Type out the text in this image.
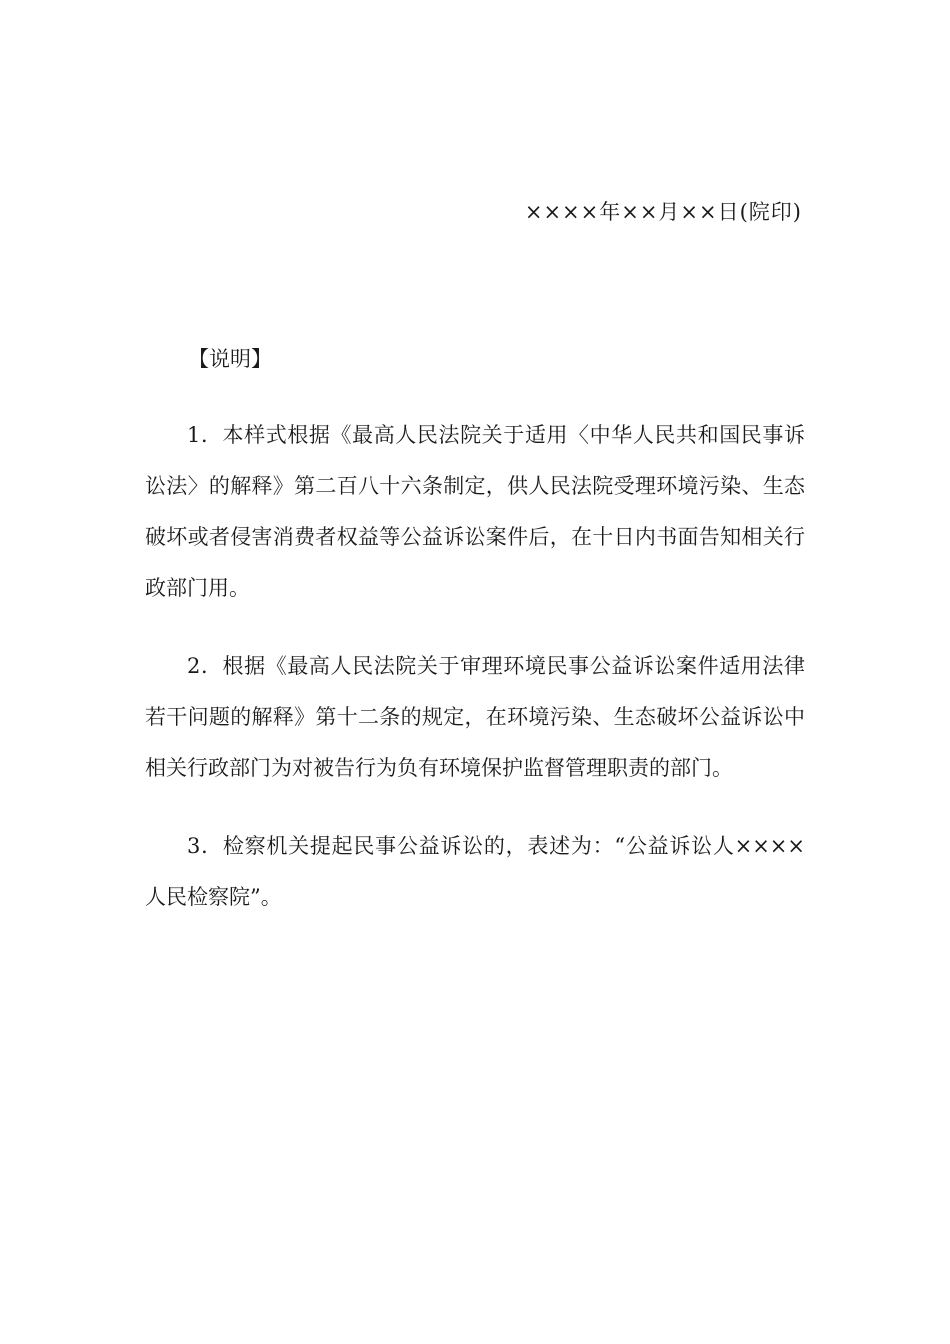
××××年××月××日(院印)
【说明】

1．本样式根据《最高人民法院关于适用〈中华人民共和国民事诉讼法〉的解释》第二百八十六条制定，供人民法院受理环境污染、生态破坏或者侵害消费者权益等公益诉讼案件后，在十日内书面告知相关行政部门用。

2．根据《最高人民法院关于审理环境民事公益诉讼案件适用法律若干问题的解释》第十二条的规定，在环境污染、生态破坏公益诉讼中相关行政部门为对被告行为负有环境保护监督管理职责的部门。

3．检察机关提起民事公益诉讼的，表述为：“公益诉讼人××××人民检察院”。
